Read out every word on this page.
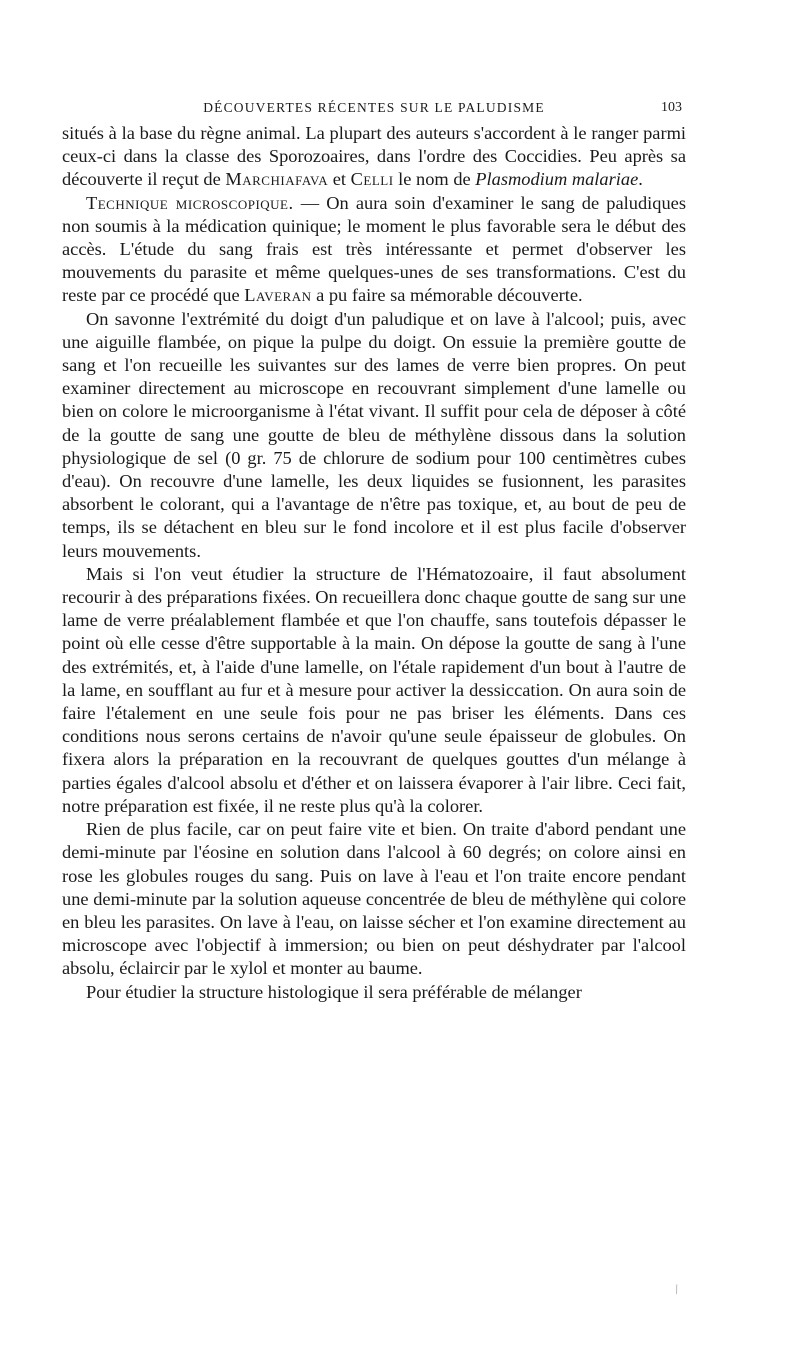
DÉCOUVERTES RÉCENTES SUR LE PALUDISME	103

situés à la base du règne animal. La plupart des auteurs s'accordent à le ranger parmi ceux-ci dans la classe des Sporozoaires, dans l'ordre des Coccidies. Peu après sa découverte il reçut de Marchiafava et Celli le nom de Plasmodium malariae.

Technique microscopique. — On aura soin d'examiner le sang de paludiques non soumis à la médication quinique; le moment le plus favorable sera le début des accès. L'étude du sang frais est très intéressante et permet d'observer les mouvements du parasite et même quelques-unes de ses transformations. C'est du reste par ce procédé que Laveran a pu faire sa mémorable découverte.

On savonne l'extrémité du doigt d'un paludique et on lave à l'alcool; puis, avec une aiguille flambée, on pique la pulpe du doigt. On essuie la première goutte de sang et l'on recueille les suivantes sur des lames de verre bien propres. On peut examiner directement au microscope en recouvrant simplement d'une lamelle ou bien on colore le microorganisme à l'état vivant. Il suffit pour cela de déposer à côté de la goutte de sang une goutte de bleu de méthylène dissous dans la solution physiologique de sel (0 gr. 75 de chlorure de sodium pour 100 centimètres cubes d'eau). On recouvre d'une lamelle, les deux liquides se fusionnent, les parasites absorbent le colorant, qui a l'avantage de n'être pas toxique, et, au bout de peu de temps, ils se détachent en bleu sur le fond incolore et il est plus facile d'observer leurs mouvements.

Mais si l'on veut étudier la structure de l'Hématozoaire, il faut absolument recourir à des préparations fixées. On recueillera donc chaque goutte de sang sur une lame de verre préalablement flambée et que l'on chauffe, sans toutefois dépasser le point où elle cesse d'être supportable à la main. On dépose la goutte de sang à l'une des extrémités, et, à l'aide d'une lamelle, on l'étale rapidement d'un bout à l'autre de la lame, en soufflant au fur et à mesure pour activer la dessiccation. On aura soin de faire l'étalement en une seule fois pour ne pas briser les éléments. Dans ces conditions nous serons certains de n'avoir qu'une seule épaisseur de globules. On fixera alors la préparation en la recouvrant de quelques gouttes d'un mélange à parties égales d'alcool absolu et d'éther et on laissera évaporer à l'air libre. Ceci fait, notre préparation est fixée, il ne reste plus qu'à la colorer.

Rien de plus facile, car on peut faire vite et bien. On traite d'abord pendant une demi-minute par l'éosine en solution dans l'alcool à 60 degrés; on colore ainsi en rose les globules rouges du sang. Puis on lave à l'eau et l'on traite encore pendant une demi-minute par la solution aqueuse concentrée de bleu de méthylène qui colore en bleu les parasites. On lave à l'eau, on laisse sécher et l'on examine directement au microscope avec l'objectif à immersion; ou bien on peut déshydrater par l'alcool absolu, éclaircir par le xylol et monter au baume.

Pour étudier la structure histologique il sera préférable de mélanger

⁄
